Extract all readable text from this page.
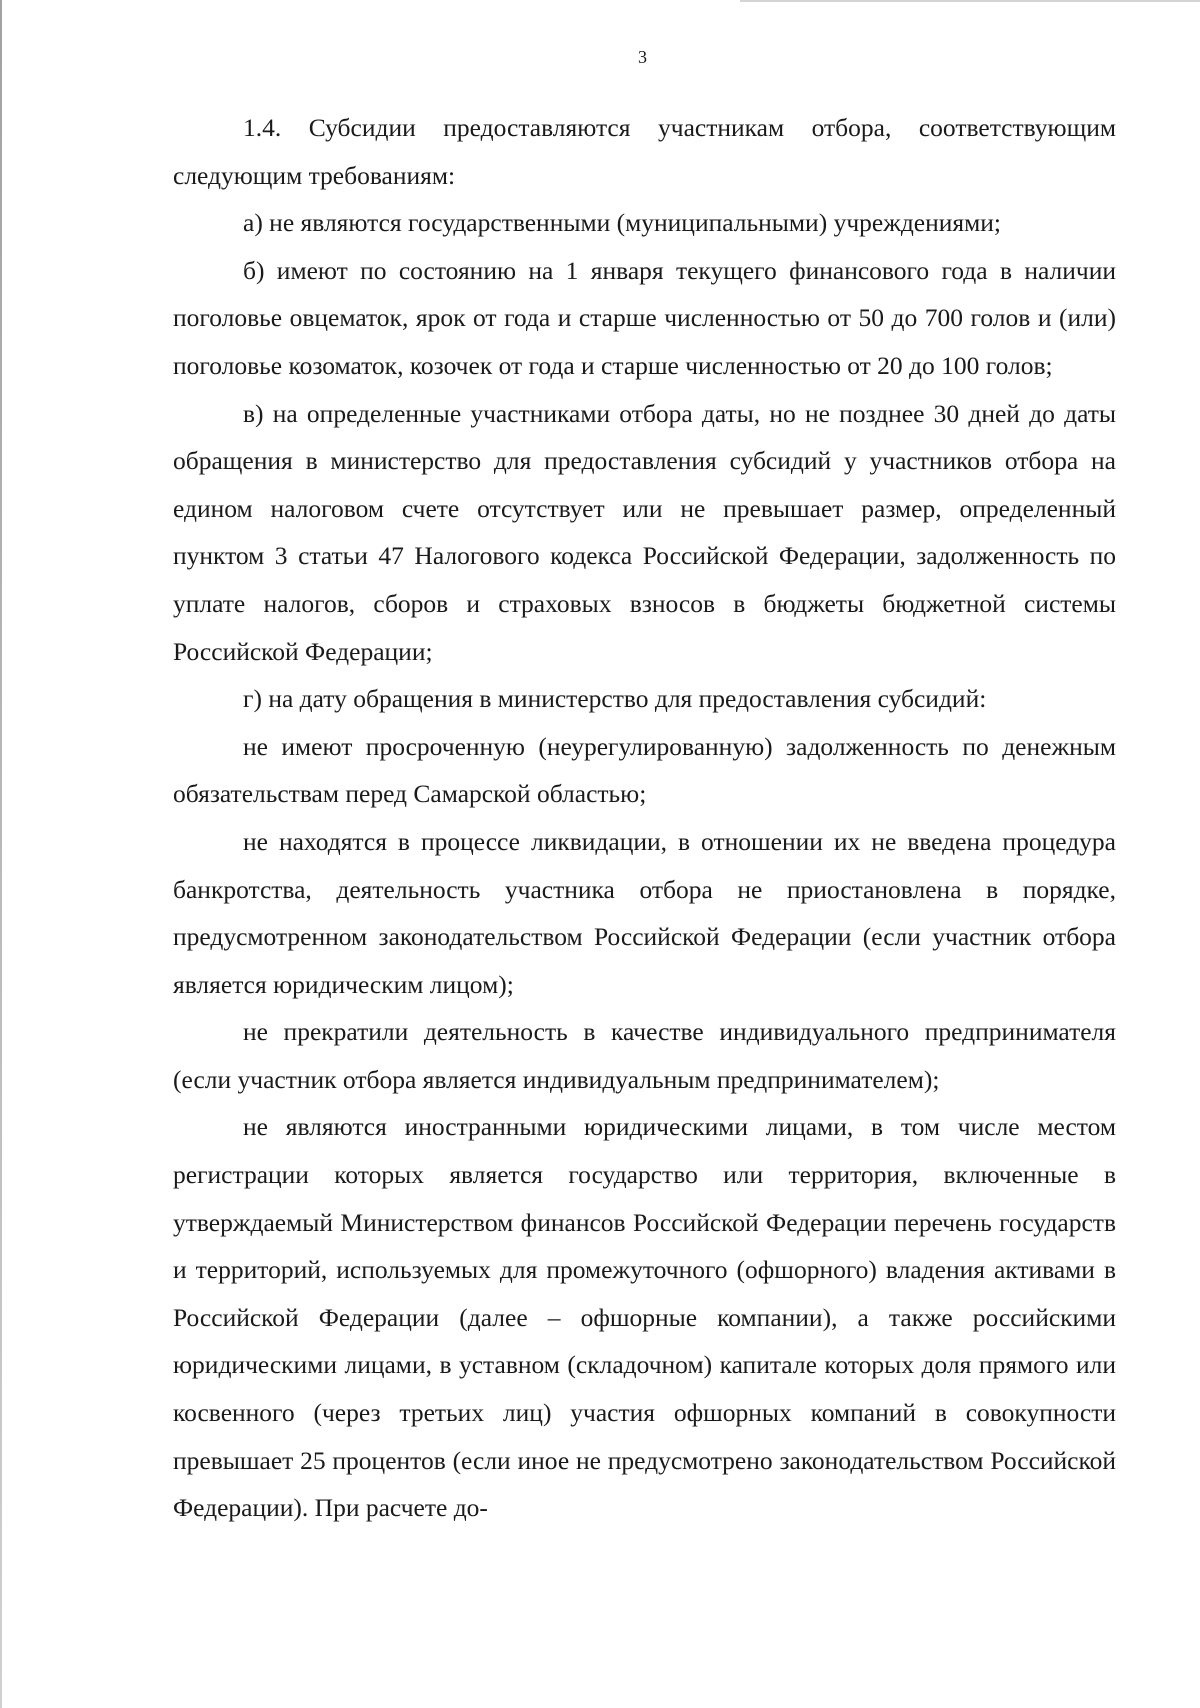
3

1.4. Субсидии предоставляются участникам отбора, соответствующим следующим требованиям:

а) не являются государственными (муниципальными) учреждениями;

б) имеют по состоянию на 1 января текущего финансового года в наличии поголовье овцематок, ярок от года и старше численностью от 50 до 700 голов и (или) поголовье козоматок, козочек от года и старше численностью от 20 до 100 голов;

в) на определенные участниками отбора даты, но не позднее 30 дней до даты обращения в министерство для предоставления субсидий у участников отбора на едином налоговом счете отсутствует или не превышает размер, определенный пунктом 3 статьи 47 Налогового кодекса Российской Федерации, задолженность по уплате налогов, сборов и страховых взносов в бюджеты бюджетной системы Российской Федерации;

г) на дату обращения в министерство для предоставления субсидий:

не имеют просроченную (неурегулированную) задолженность по денежным обязательствам перед Самарской областью;

не находятся в процессе ликвидации, в отношении их не введена процедура банкротства, деятельность участника отбора не приостановлена в порядке, предусмотренном законодательством Российской Федерации (если участник отбора является юридическим лицом);

не прекратили деятельность в качестве индивидуального предпринимателя (если участник отбора является индивидуальным предпринимателем);

не являются иностранными юридическими лицами, в том числе местом регистрации которых является государство или территория, включенные в утверждаемый Министерством финансов Российской Федерации перечень государств и территорий, используемых для промежуточного (офшорного) владения активами в Российской Федерации (далее – офшорные компании), а также российскими юридическими лицами, в уставном (складочном) капитале которых доля прямого или косвенного (через третьих лиц) участия офшорных компаний в совокупности превышает 25 процентов (если иное не предусмотрено законодательством Российской Федерации). При расчете до-
